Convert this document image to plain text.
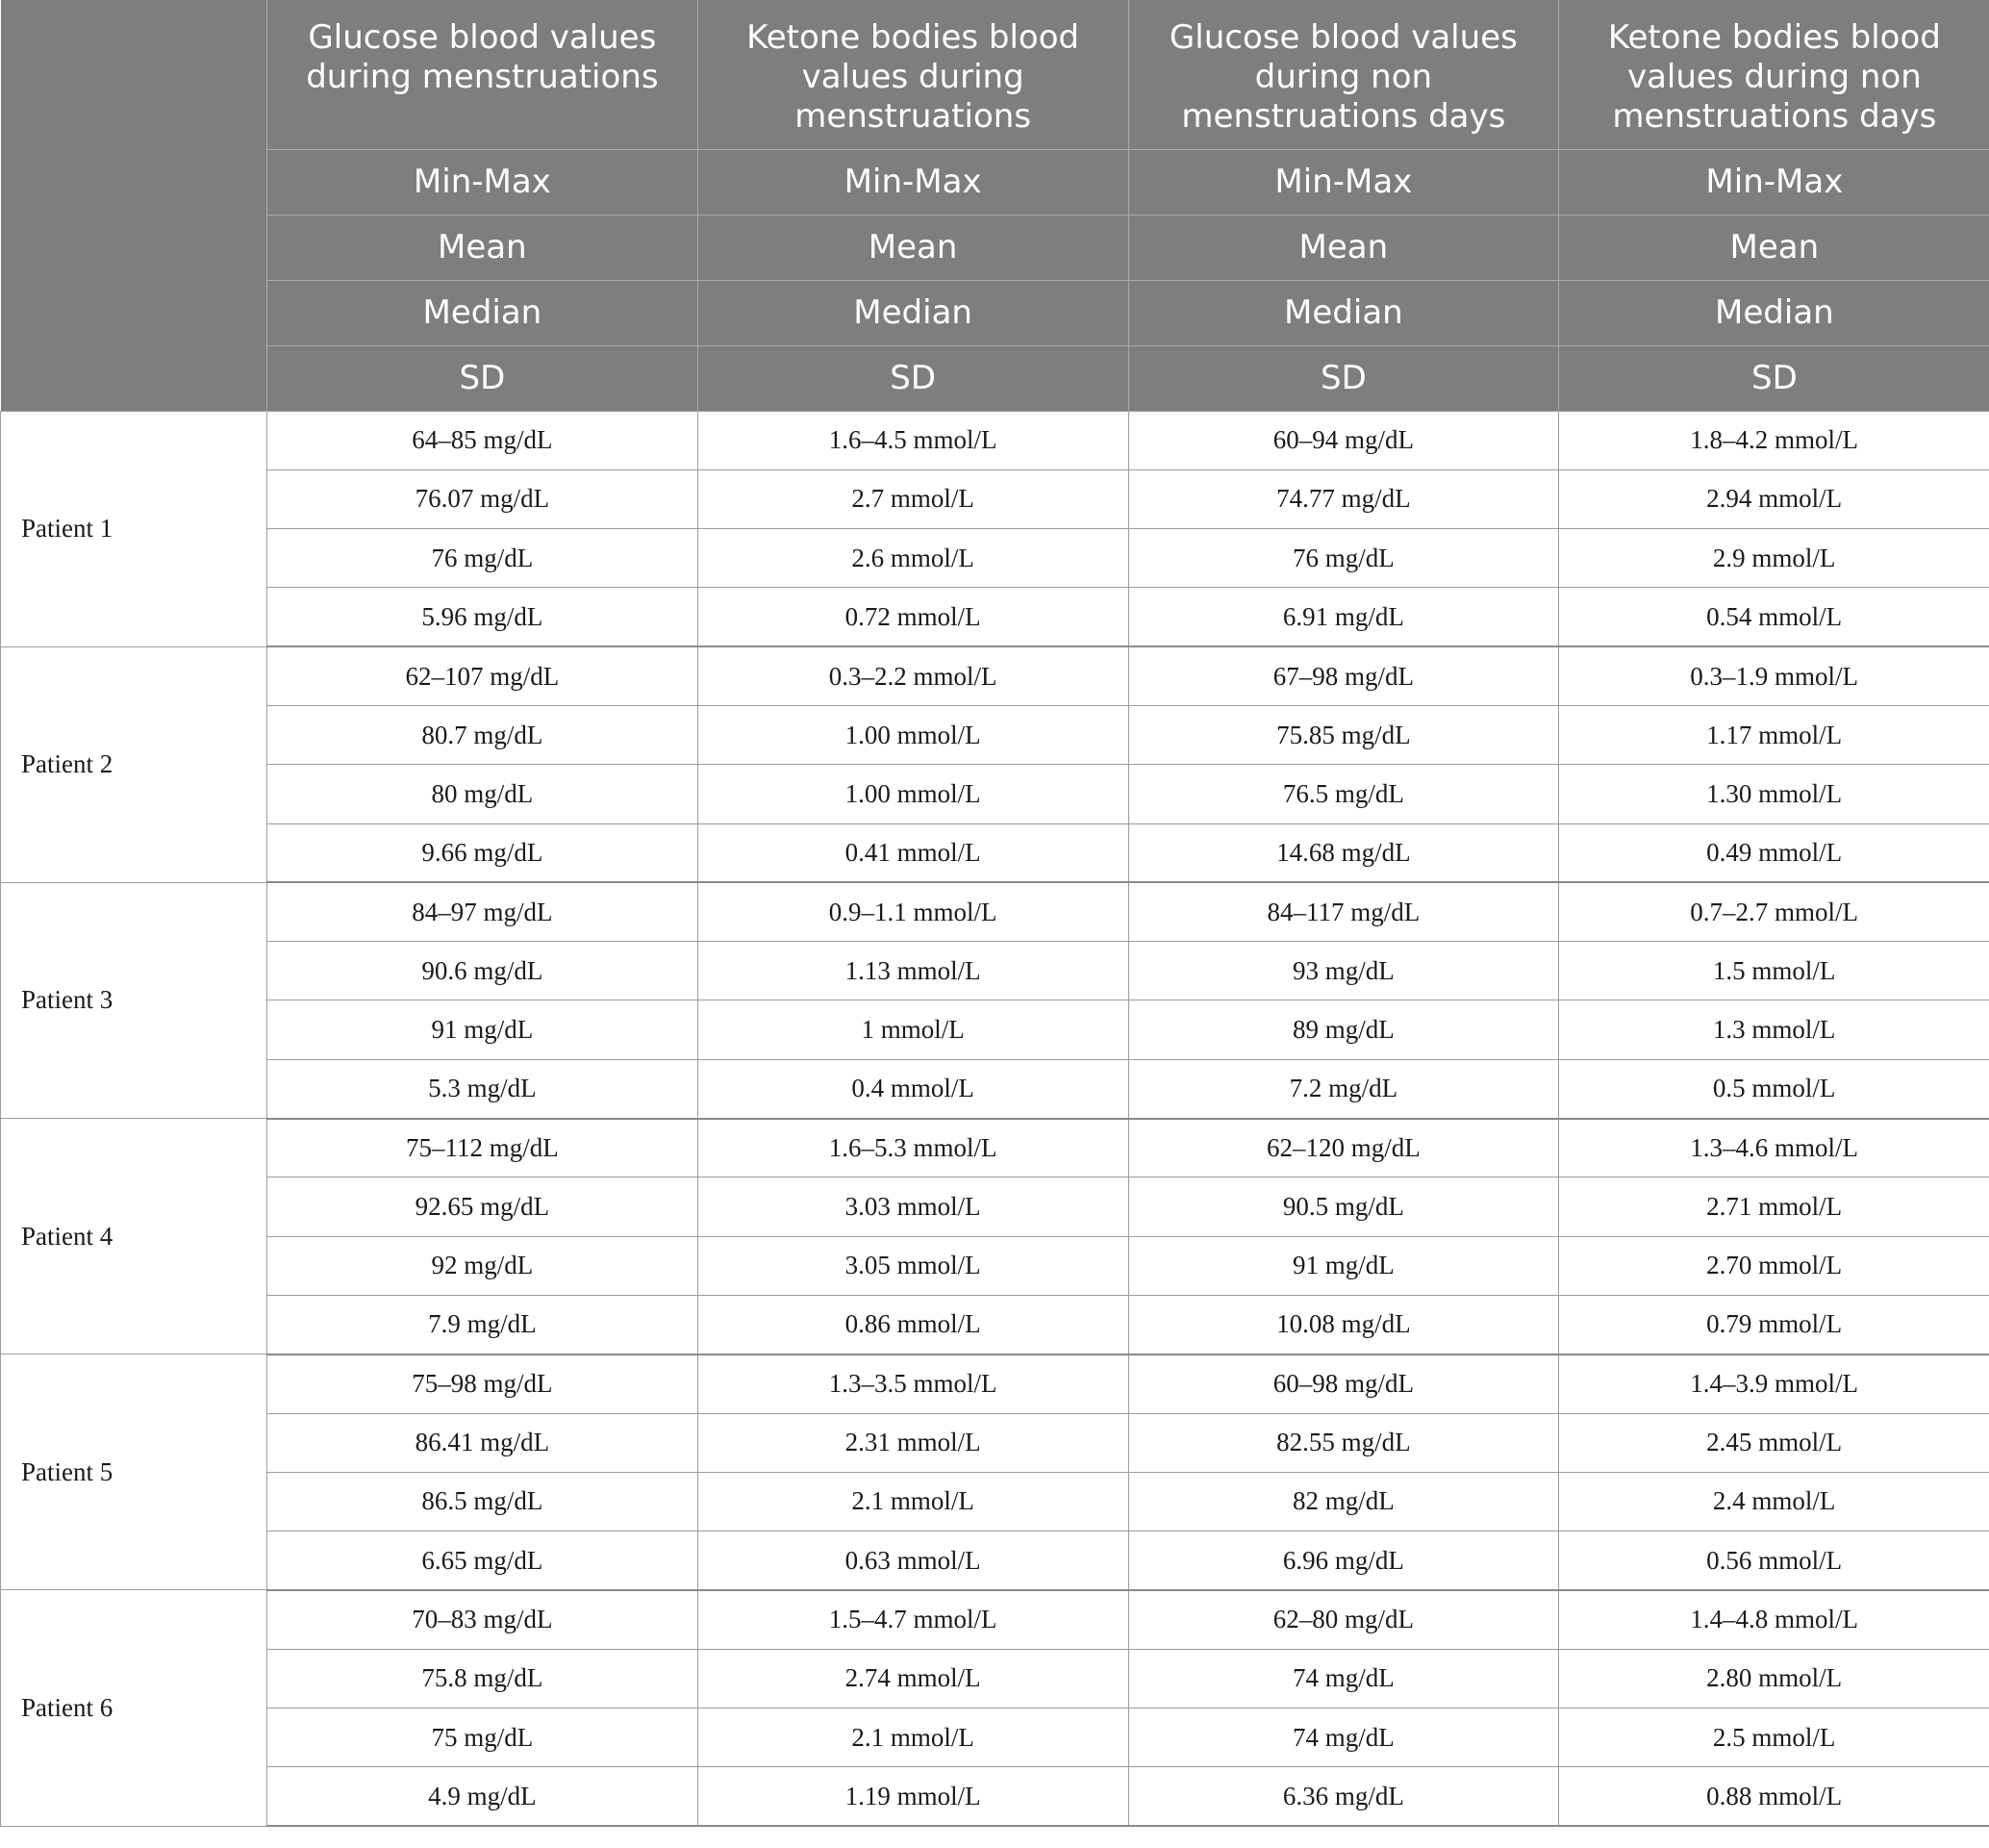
	Glucose blood values during menstruations	Ketone bodies blood values during menstruations	Glucose blood values during non menstruations days	Ketone bodies blood values during non menstruations days
	Min-Max	Min-Max	Min-Max	Min-Max
	Mean	Mean	Mean	Mean
	Median	Median	Median	Median
	SD	SD	SD	SD
Patient 1	64–85 mg/dL	1.6–4.5 mmol/L	60–94 mg/dL	1.8–4.2 mmol/L
	76.07 mg/dL	2.7 mmol/L	74.77 mg/dL	2.94 mmol/L
	76 mg/dL	2.6 mmol/L	76 mg/dL	2.9 mmol/L
	5.96 mg/dL	0.72 mmol/L	6.91 mg/dL	0.54 mmol/L
Patient 2	62–107 mg/dL	0.3–2.2 mmol/L	67–98 mg/dL	0.3–1.9 mmol/L
	80.7 mg/dL	1.00 mmol/L	75.85 mg/dL	1.17 mmol/L
	80 mg/dL	1.00 mmol/L	76.5 mg/dL	1.30 mmol/L
	9.66 mg/dL	0.41 mmol/L	14.68 mg/dL	0.49 mmol/L
Patient 3	84–97 mg/dL	0.9–1.1 mmol/L	84–117 mg/dL	0.7–2.7 mmol/L
	90.6 mg/dL	1.13 mmol/L	93 mg/dL	1.5 mmol/L
	91 mg/dL	1 mmol/L	89 mg/dL	1.3 mmol/L
	5.3 mg/dL	0.4 mmol/L	7.2 mg/dL	0.5 mmol/L
Patient 4	75–112 mg/dL	1.6–5.3 mmol/L	62–120 mg/dL	1.3–4.6 mmol/L
	92.65 mg/dL	3.03 mmol/L	90.5 mg/dL	2.71 mmol/L
	92 mg/dL	3.05 mmol/L	91 mg/dL	2.70 mmol/L
	7.9 mg/dL	0.86 mmol/L	10.08 mg/dL	0.79 mmol/L
Patient 5	75–98 mg/dL	1.3–3.5 mmol/L	60–98 mg/dL	1.4–3.9 mmol/L
	86.41 mg/dL	2.31 mmol/L	82.55 mg/dL	2.45 mmol/L
	86.5 mg/dL	2.1 mmol/L	82 mg/dL	2.4 mmol/L
	6.65 mg/dL	0.63 mmol/L	6.96 mg/dL	0.56 mmol/L
Patient 6	70–83 mg/dL	1.5–4.7 mmol/L	62–80 mg/dL	1.4–4.8 mmol/L
	75.8 mg/dL	2.74 mmol/L	74 mg/dL	2.80 mmol/L
	75 mg/dL	2.1 mmol/L	74 mg/dL	2.5 mmol/L
	4.9 mg/dL	1.19 mmol/L	6.36 mg/dL	0.88 mmol/L
